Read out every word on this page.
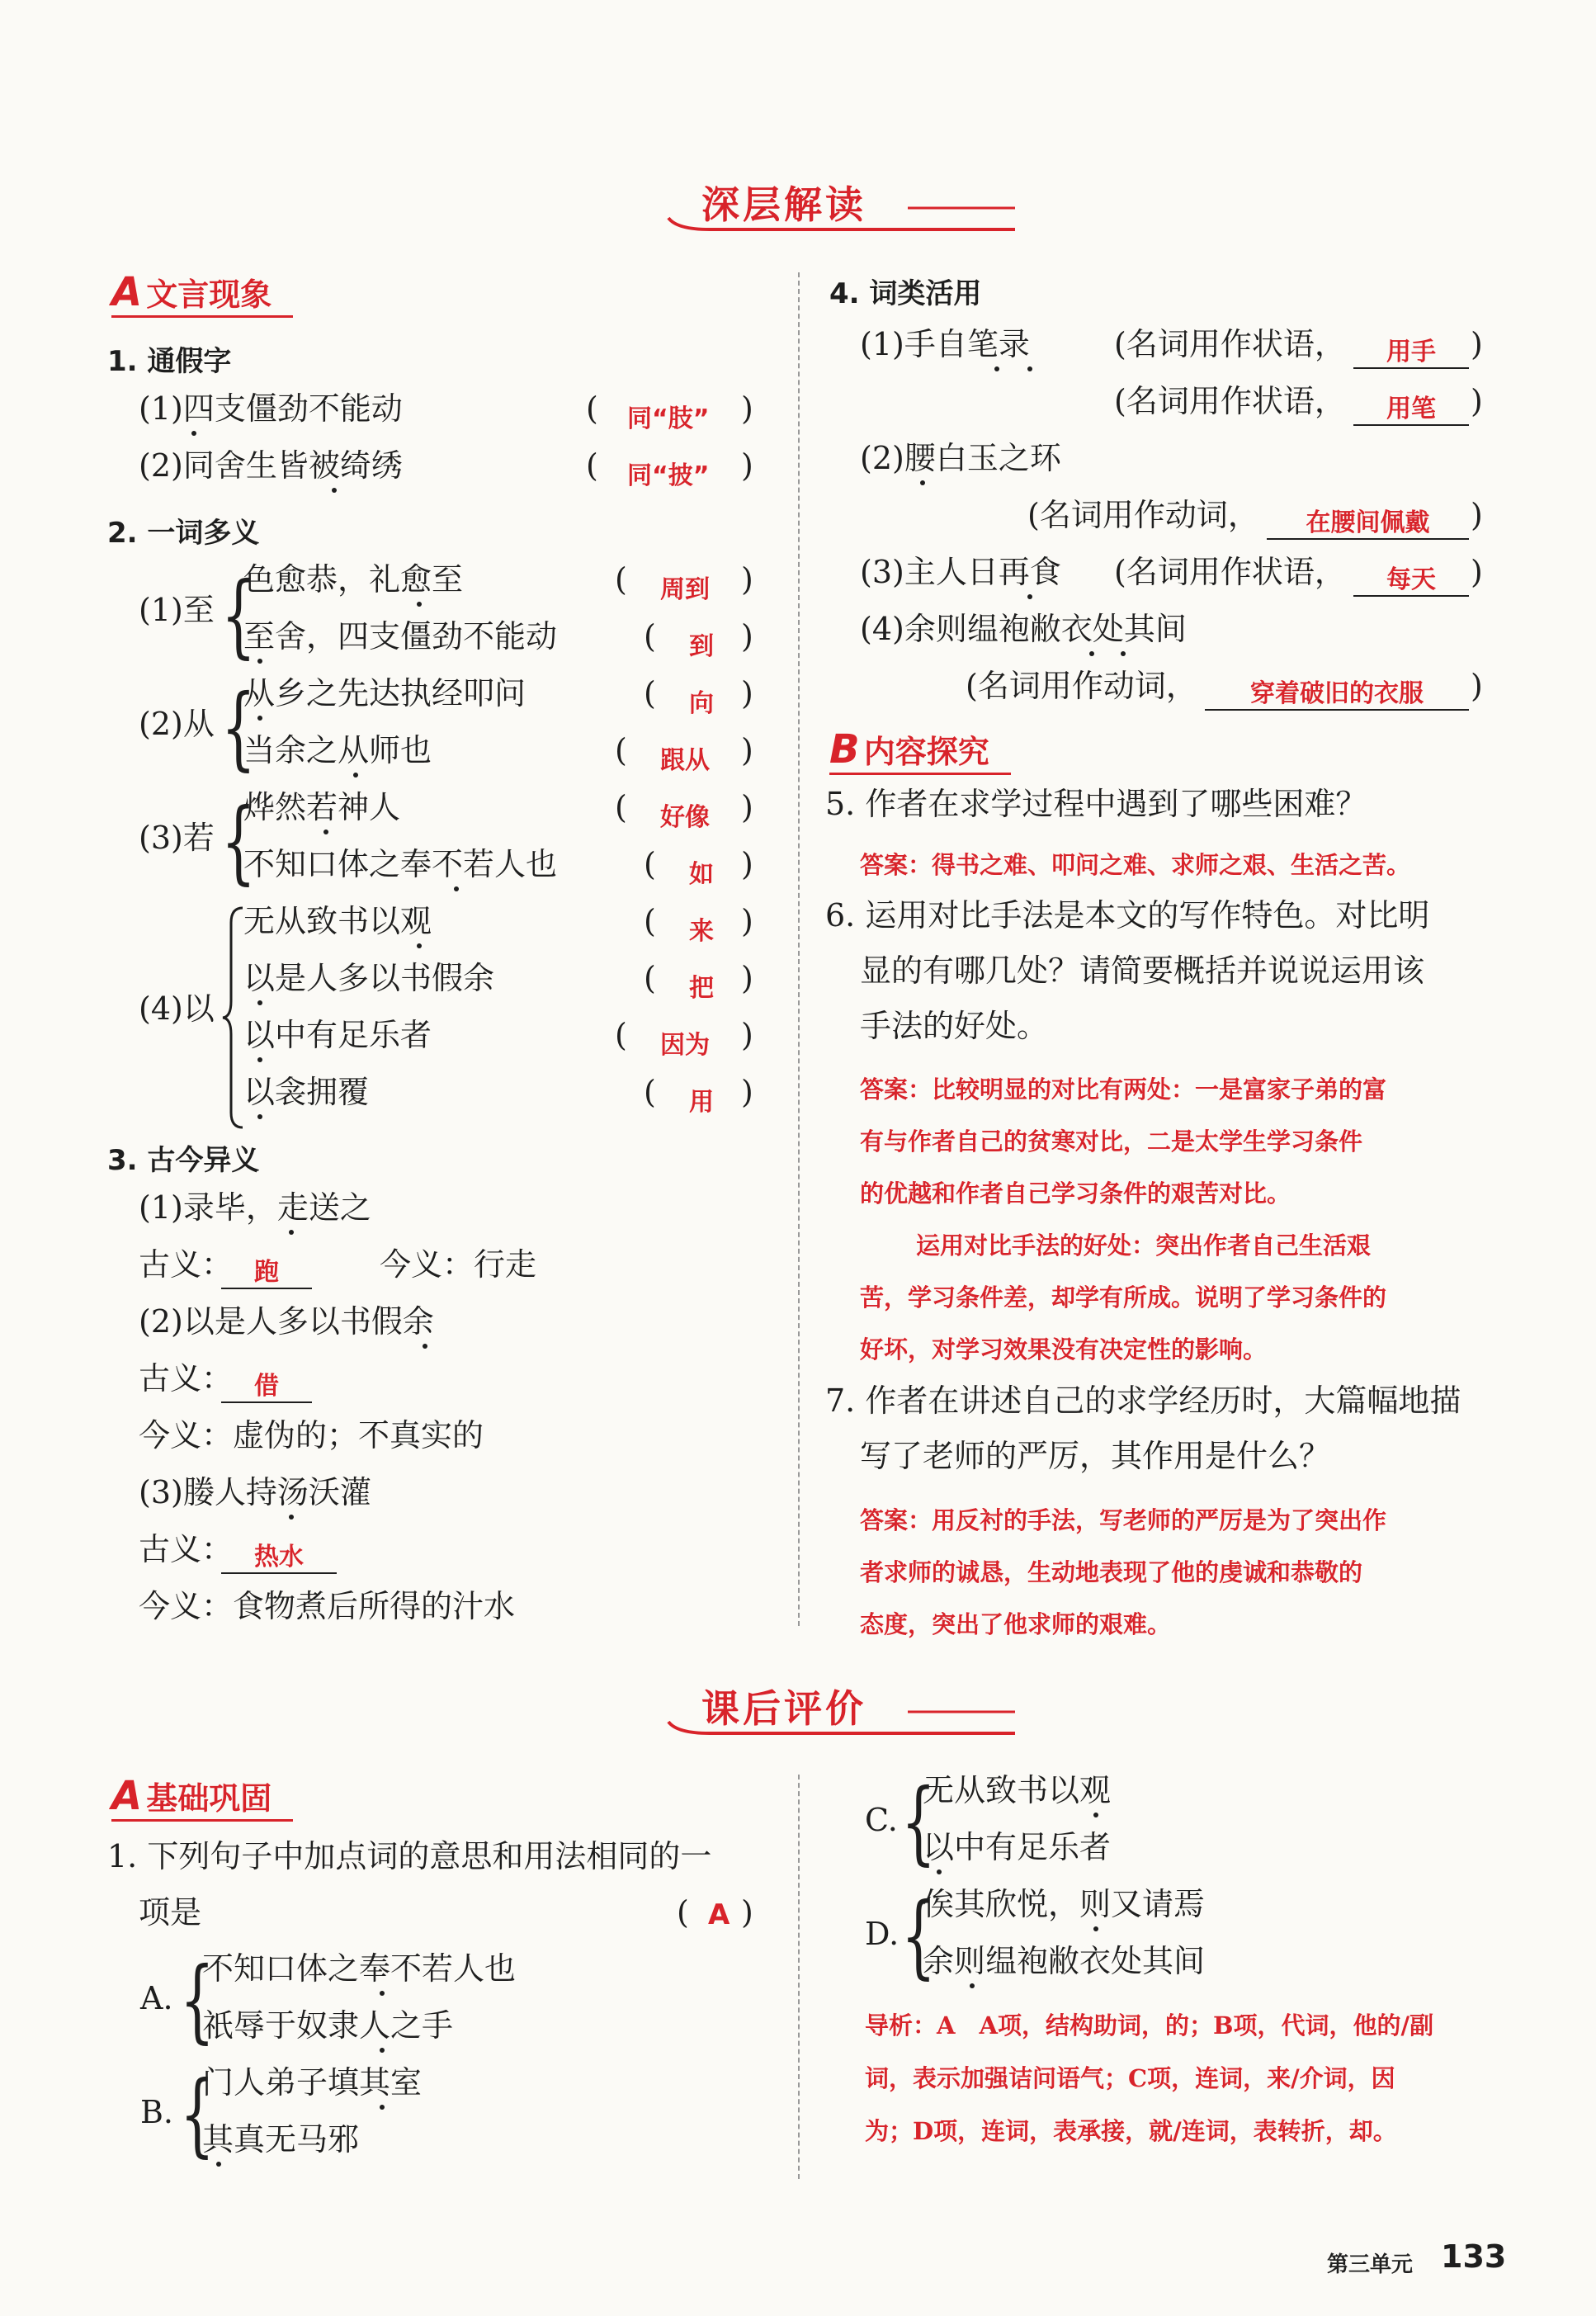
深层解读
A 文言现象
1. 通假字
(1)四支僵劲不能动	( 同“肢” )
(2)同舍生皆被绮绣	( 同“披” )
2. 一词多义
(1)至 {
色愈恭，礼愈至	( 周到 )
至舍，四支僵劲不能动	( 到 )
(2)从 {
从乡之先达执经叩问	( 向 )
当余之从师也	( 跟从 )
(3)若 {
烨然若神人	( 好像 )
不知口体之奉不若人也	( 如 )
(4)以
无从致书以观	( 来 )
以是人多以书假余	( 把 )
以中有足乐者	( 因为 )
以衾拥覆	( 用 )
3. 古今异义
(1)录毕，走送之
古义： 跑	今义：行走
(2)以是人多以书假余
古义： 借
今义：虚伪的；不真实的
(3)媵人持汤沃灌
古义： 热水
今义：食物煮后所得的汁水
4. 词类活用
(1)手自笔录	(名词用作状语，	用手	)
(名词用作状语，	用笔	)
(2)腰白玉之环
(名词用作动词，	在腰间佩戴	)
(3)主人日再食 (名词用作状语，	每天	)
(4)余则缊袍敝衣处其间
(名词用作动词，	穿着破旧的衣服	)
B 内容探究
5. 作者在求学过程中遇到了哪些困难？
答案：得书之难、叩问之难、求师之艰、生活之苦。
6. 运用对比手法是本文的写作特色。对比明
显的有哪几处？请简要概括并说说运用该
手法的好处。
答案：比较明显的对比有两处：一是富家子弟的富
有与作者自己的贫寒对比，二是太学生学习条件
的优越和作者自己学习条件的艰苦对比。
运用对比手法的好处：突出作者自己生活艰
苦，学习条件差，却学有所成。说明了学习条件的
好坏，对学习效果没有决定性的影响。
7. 作者在讲述自己的求学经历时，大篇幅地描
写了老师的严厉，其作用是什么？
答案：用反衬的手法，写老师的严厉是为了突出作
者求师的诚恳，生动地表现了他的虔诚和恭敬的
态度，突出了他求师的艰难。
课后评价
A 基础巩固
1. 下列句子中加点词的意思和用法相同的一
项是	( A )
A. {
不知口体之奉不若人也
祇辱于奴隶人之手
B. {
门人弟子填其室
其真无马邪
C. {
无从致书以观
以中有足乐者
D. {
俟其欣悦，则又请焉
余则缊袍敝衣处其间
导析：A　A项，结构助词，的；B项，代词，他的/副
词，表示加强诘问语气；C项，连词，来/介词，因
为；D项，连词，表承接，就/连词，表转折，却。
第三单元 133
